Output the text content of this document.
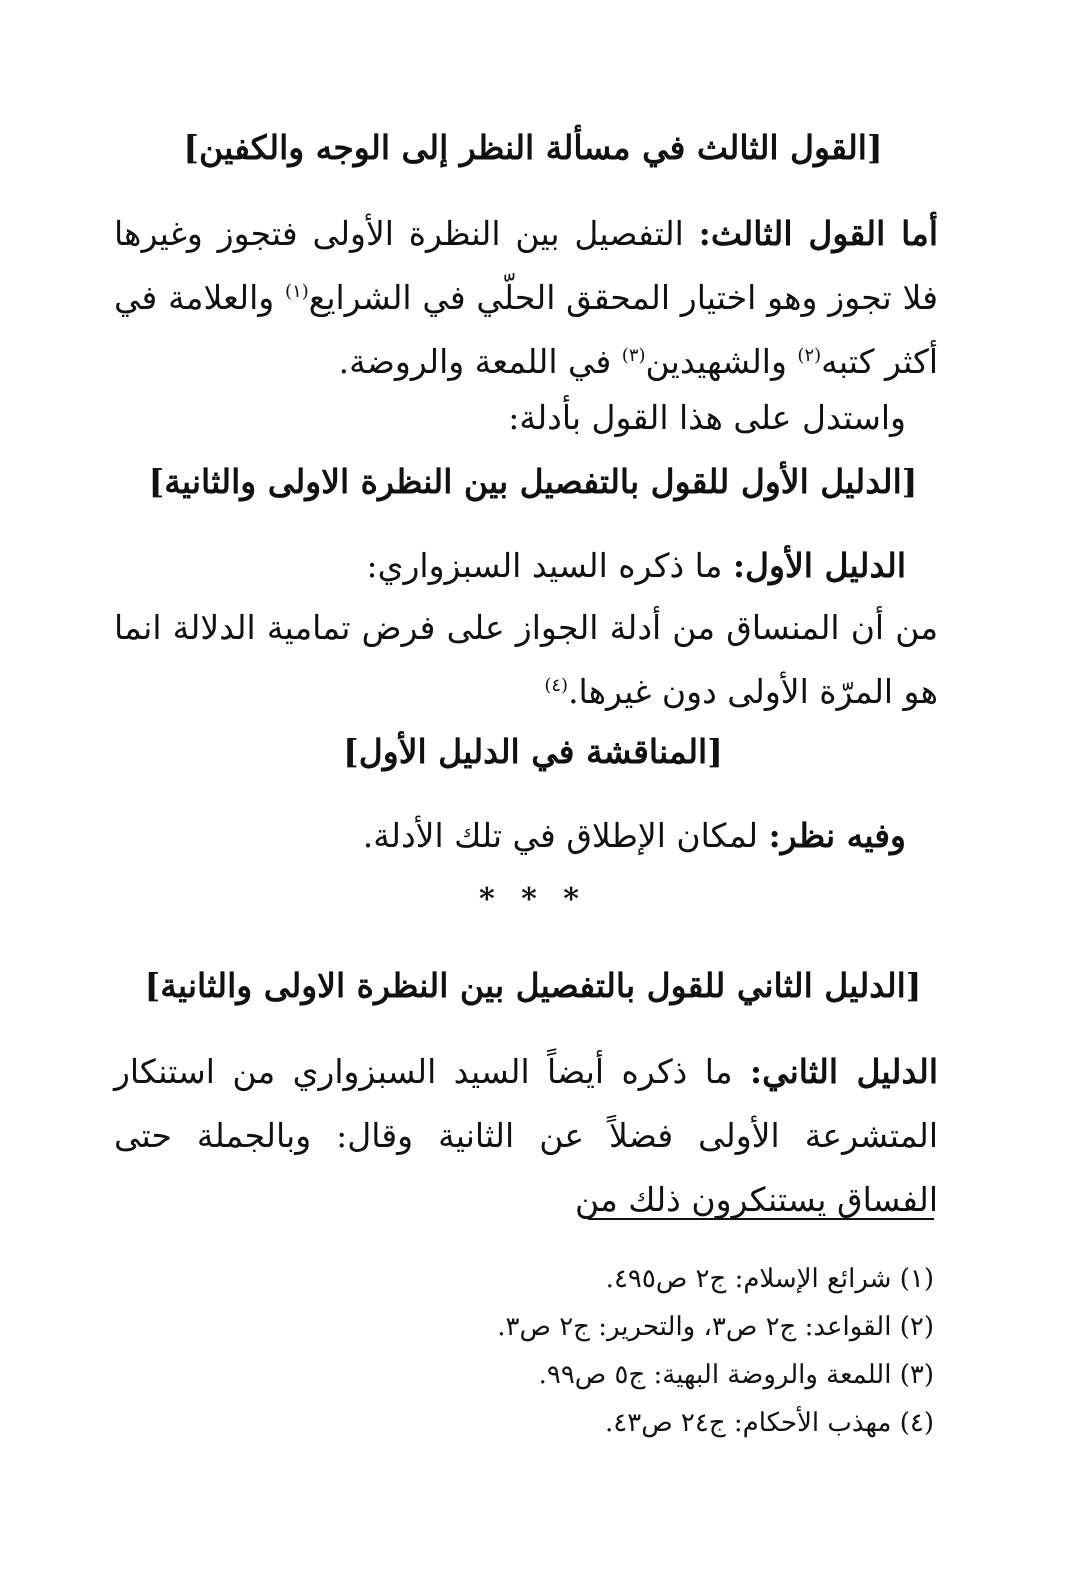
[القول الثالث في مسألة النظر إلى الوجه والكفين]
أما القول الثالث: التفصيل بين النظرة الأولى فتجوز وغيرها فلا تجوز وهو اختيار المحقق الحلّي في الشرايع$^{(١)}$ والعلامة في أكثر كتبه$^{(٢)}$ والشهيدين$^{(٣)}$ في اللمعة والروضة.
واستدل على هذا القول بأدلة:
[الدليل الأول للقول بالتفصيل بين النظرة الاولى والثانية]
الدليل الأول: ما ذكره السيد السبزواري:
من أن المنساق من أدلة الجواز على فرض تمامية الدلالة انما هو المرّة الأولى دون غيرها.$^{(٤)}$
[المناقشة في الدليل الأول]
وفيه نظر: لمكان الإطلاق في تلك الأدلة.
* * *
[الدليل الثاني للقول بالتفصيل بين النظرة الاولى والثانية]
الدليل الثاني: ما ذكره أيضاً السيد السبزواري من استنكار المتشرعة الأولى فضلاً عن الثانية وقال: وبالجملة حتى الفساق يستنكرون ذلك من
(١) شرائع الإسلام: ج٢ ص٤٩٥.
(٢) القواعد: ج٢ ص٣، والتحرير: ج٢ ص٣.
(٣) اللمعة والروضة البهية: ج٥ ص٩٩.
(٤) مهذب الأحكام: ج٢٤ ص٤٣.
